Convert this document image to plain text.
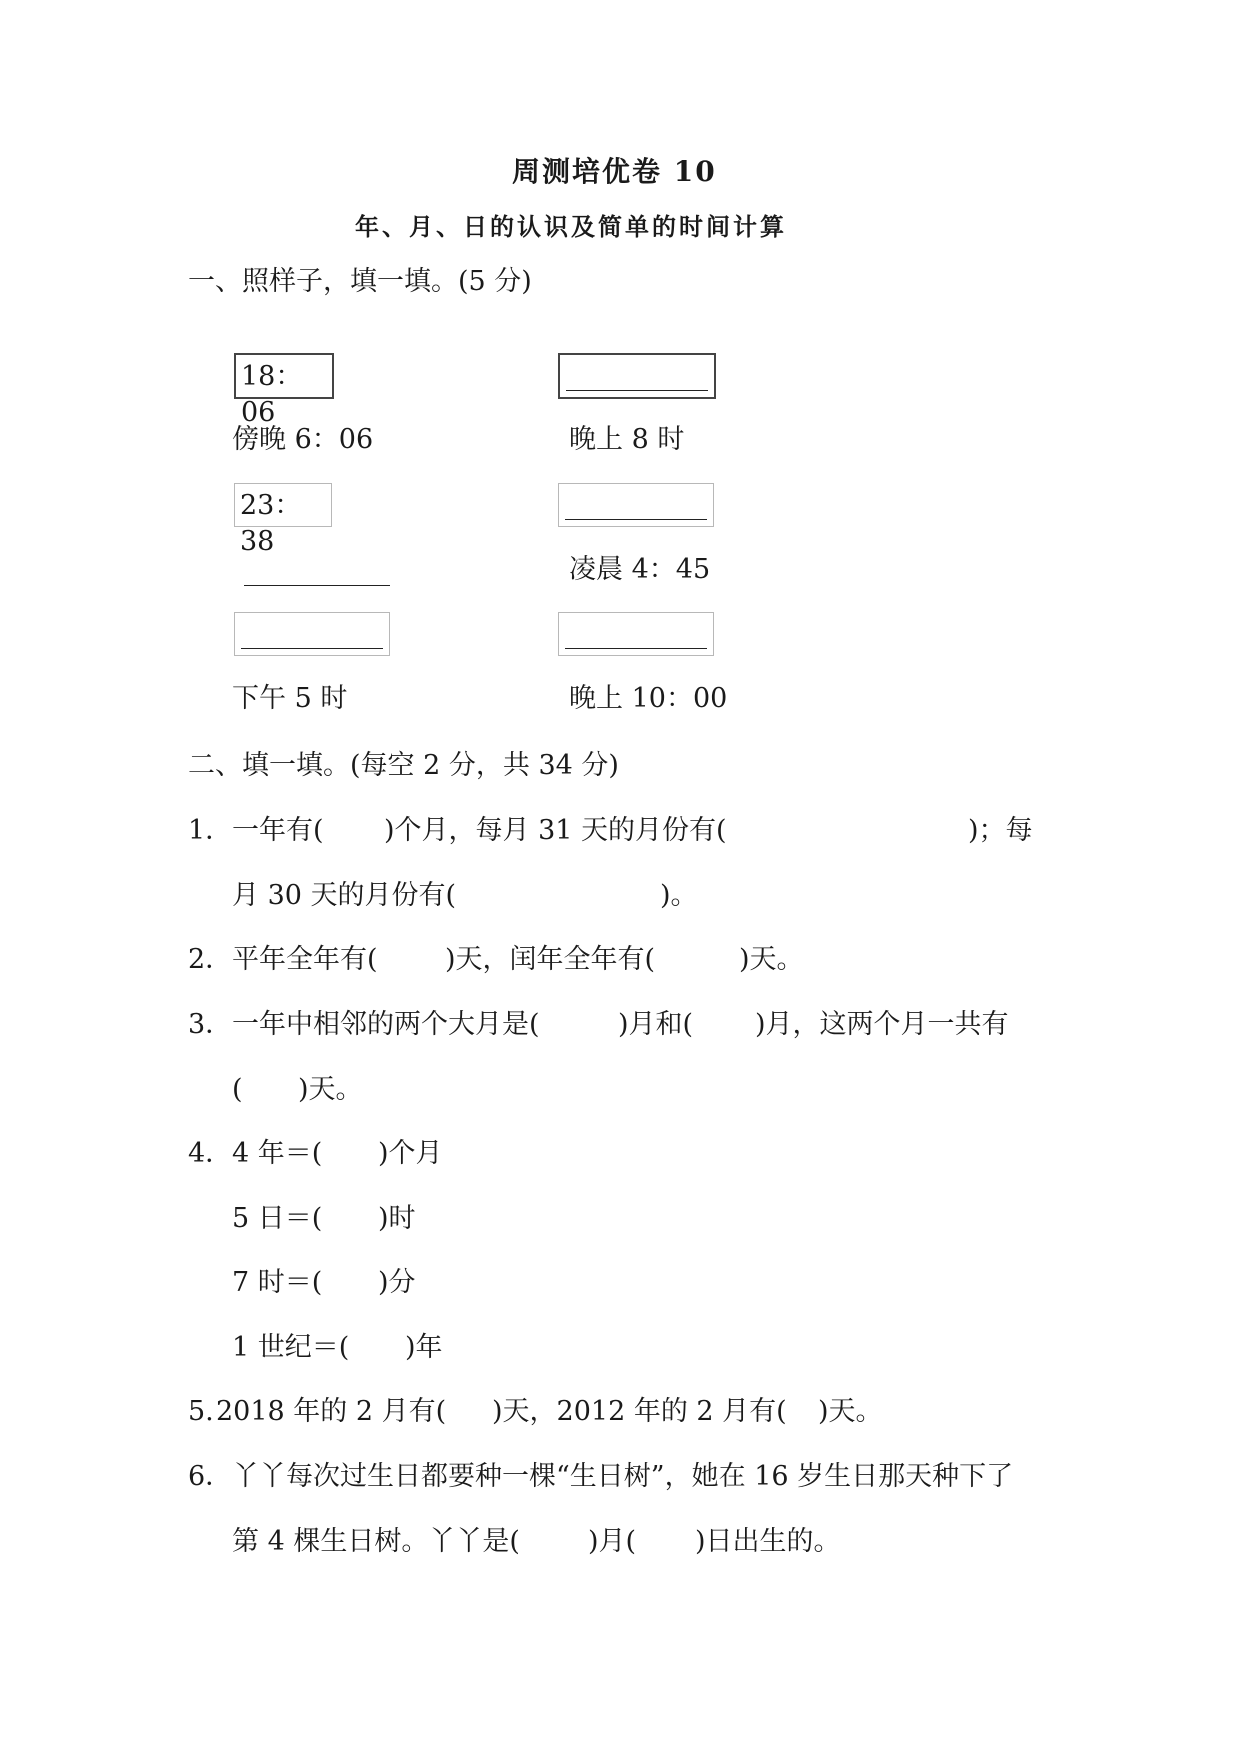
周测培优卷 10
年、月、日的认识及简单的时间计算
一、照样子，填一填。(5 分)
18：06
傍晚 6：06	晚上 8 时
23：38
凌晨 4：45
下午 5 时	晚上 10：00
二、填一填。(每空 2 分，共 34 分)
1． 一年有( )个月，每月 31 天的月份有(	)；每
月 30 天的月份有(	)。
2． 平年全年有( )天，闰年全年有(	)天。
3． 一年中相邻的两个大月是(	)月和( )月，这两个月一共有
( )天。
4． 4 年＝( )个月
5 日＝( )时
7 时＝( )分
1 世纪＝( )年
5. 2018 年的 2 月有( )天，2012 年的 2 月有( )天。
6． 丫丫每次过生日都要种一棵“生日树”，她在 16 岁生日那天种下了
第 4 棵生日树。丫丫是(	)月( )日出生的。
